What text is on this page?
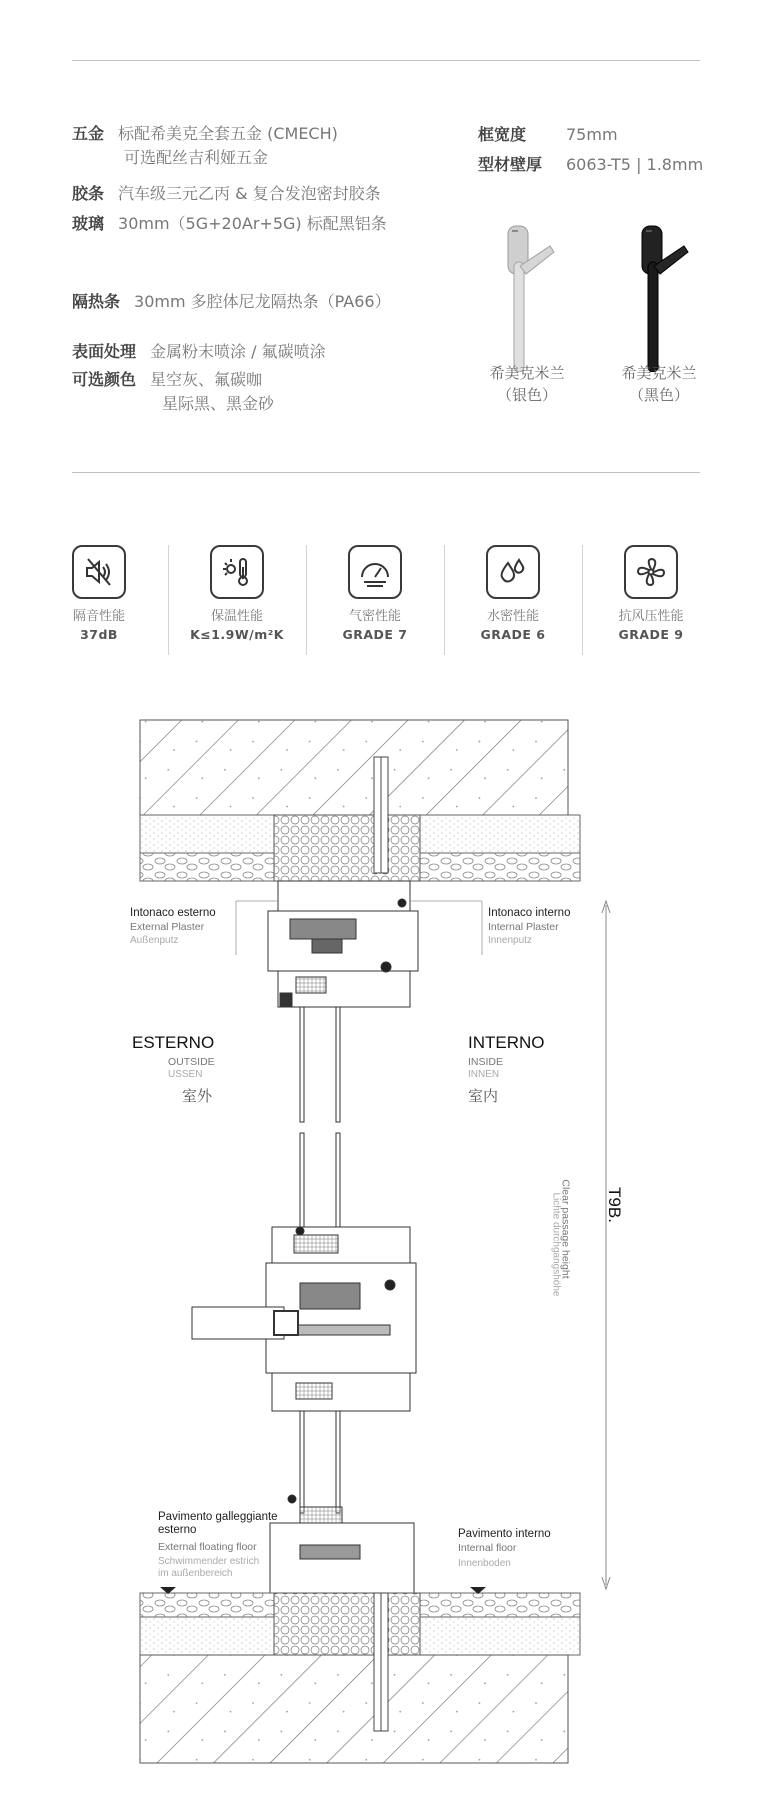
五金 标配希美克全套五金 (CMECH)
可选配丝吉利娅五金
胶条 汽车级三元乙丙 & 复合发泡密封胶条
玻璃 30mm（5G+20Ar+5G) 标配黑铝条
隔热条 30mm 多腔体尼龙隔热条（PA66）
表面处理 金属粉末喷涂 / 氟碳喷涂
可选颜色 星空灰、氟碳咖
星际黑、黑金砂
框宽度 75mm
型材壁厚 6063-T5 | 1.8mm
希美克米兰
（银色）
希美克米兰
（黑色）
隔音性能
37dB
保温性能
K≤1.9W/m²K
气密性能
GRADE 7
水密性能
GRADE 6
抗风压性能
GRADE 9
Intonaco esterno
External Plaster
Außenputz
Intonaco interno
Internal Plaster
Innenputz
ESTERNO
OUTSIDE
USSEN
室外
INTERNO
INSIDE
INNEN
室内
Pavimento galleggiante
esterno
External floating floor
Schwimmender estrich
im außenbereich
Pavimento interno
Internal floor
Innenboden
Clear passage height
Lichte durchgangshöhe	T9B.
